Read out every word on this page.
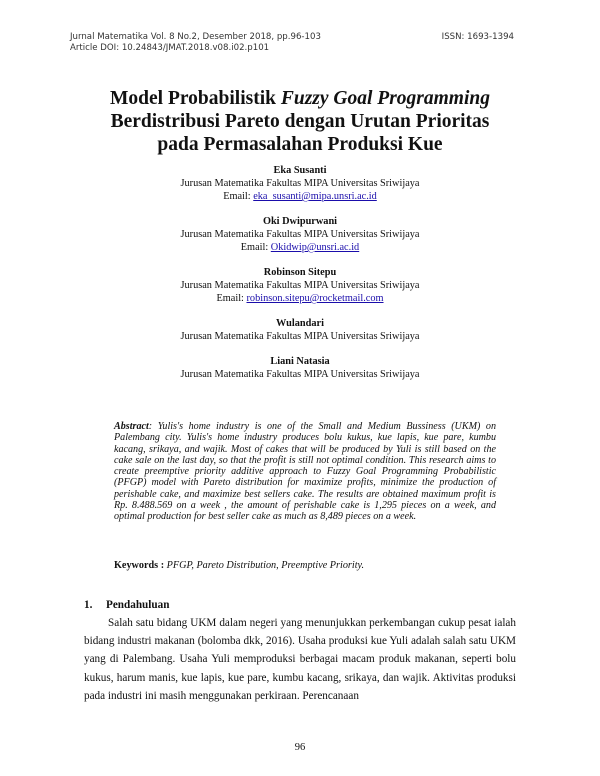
Jurnal Matematika Vol. 8 No.2, Desember 2018, pp.96-103
Article DOI: 10.24843/JMAT.2018.v08.i02.p101
ISSN: 1693-1394
Model Probabilistik Fuzzy Goal Programming
Berdistribusi Pareto dengan Urutan Prioritas
pada Permasalahan Produksi Kue
Eka Susanti
Jurusan Matematika Fakultas MIPA Universitas Sriwijaya
Email: eka_susanti@mipa.unsri.ac.id
Oki Dwipurwani
Jurusan Matematika Fakultas MIPA Universitas Sriwijaya
Email: Okidwip@unsri.ac.id
Robinson Sitepu
Jurusan Matematika Fakultas MIPA Universitas Sriwijaya
Email: robinson.sitepu@rocketmail.com
Wulandari
Jurusan Matematika Fakultas MIPA Universitas Sriwijaya
Liani Natasia
Jurusan Matematika Fakultas MIPA Universitas Sriwijaya
Abstract: Yulis's home industry is one of the Small and Medium Bussiness (UKM) on Palembang city. Yulis's home industry produces bolu kukus, kue lapis, kue pare, kumbu kacang, srikaya, and wajik. Most of cakes that will be produced by Yuli is still based on the cake sale on the last day, so that the profit is still not optimal condition. This research aims to create preemptive priority additive approach to Fuzzy Goal Programming Probabilistic (PFGP) model with Pareto distribution for maximize profits, minimize the production of perishable cake, and maximize best sellers cake. The results are obtained maximum profit is Rp. 8.488.569 on a week , the amount of perishable cake is 1,295 pieces on a week, and optimal production for best seller cake as much as 8,489 pieces on a week.
Keywords : PFGP, Pareto Distribution, Preemptive Priority.
1. Pendahuluan

Salah satu bidang UKM dalam negeri yang menunjukkan perkembangan cukup pesat ialah bidang industri makanan (bolomba dkk, 2016). Usaha produksi kue Yuli adalah salah satu UKM yang di Palembang. Usaha Yuli memproduksi berbagai macam produk makanan, seperti bolu kukus, harum manis, kue lapis, kue pare, kumbu kacang, srikaya, dan wajik. Aktivitas produksi pada industri ini masih menggunakan perkiraan. Perencanaan

96
